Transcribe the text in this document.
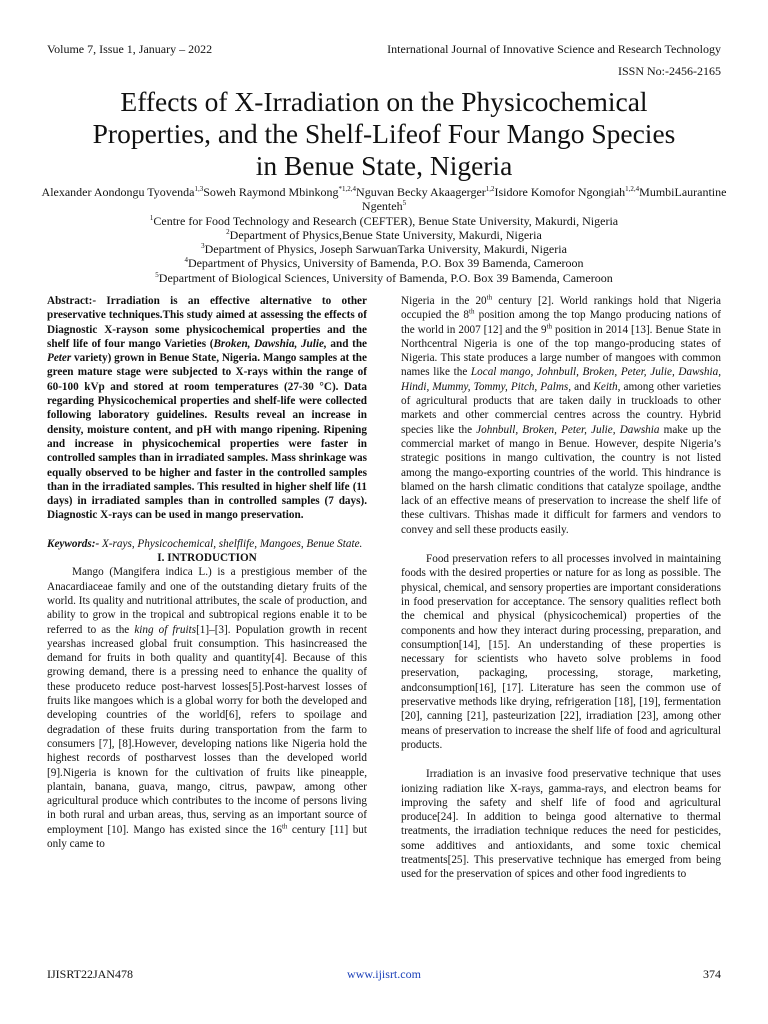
Volume 7, Issue 1, January – 2022	International Journal of Innovative Science and Research Technology
ISSN No:-2456-2165
Effects of X-Irradiation on the Physicochemical
Properties, and the Shelf-Lifeof Four Mango Species
in Benue State, Nigeria
Alexander Aondongu Tyovenda$^{1,3}$Soweh Raymond Mbinkong$^{*1,2,4}$Nguvan Becky Akaagerger$^{1,2}$Isidore Komofor Ngongiah$^{1,2,4}$MumbiLaurantine Ngenteh$^5$
$^1$Centre for Food Technology and Research (CEFTER), Benue State University, Makurdi, Nigeria
$^2$Department of Physics,Benue State University, Makurdi, Nigeria
$^3$Department of Physics, Joseph SarwuanTarka University, Makurdi, Nigeria
$^4$Department of Physics, University of Bamenda, P.O. Box 39 Bamenda, Cameroon
$^5$Department of Biological Sciences, University of Bamenda, P.O. Box 39 Bamenda, Cameroon

Abstract:- Irradiation is an effective alternative to other preservative techniques.This study aimed at assessing the effects of Diagnostic X-rayson some physicochemical properties and the shelf life of four mango Varieties (Broken, Dawshia, Julie, and the Peter variety) grown in Benue State, Nigeria. Mango samples at the green mature stage were subjected to X-rays within the range of 60-100 kVp and stored at room temperatures (27-30 °C). Data regarding Physicochemical properties and shelf-life were collected following laboratory guidelines. Results reveal an increase in density, moisture content, and pH with mango ripening. Ripening and increase in physicochemical properties were faster in controlled samples than in irradiated samples. Mass shrinkage was equally observed to be higher and faster in the controlled samples than in the irradiated samples. This resulted in higher shelf life (11 days) in irradiated samples than in controlled samples (7 days). Diagnostic X-rays can be used in mango preservation.

Keywords:- X-rays, Physicochemical, shelflife, Mangoes, Benue State.

I. INTRODUCTION

Mango (Mangifera indica L.) is a prestigious member of the Anacardiaceae family and one of the outstanding dietary fruits of the world. Its quality and nutritional attributes, the scale of production, and ability to grow in the tropical and subtropical regions enable it to be referred to as the king of fruits[1]–[3]. Population growth in recent yearshas increased global fruit consumption. This hasincreased the demand for fruits in both quality and quantity[4]. Because of this growing demand, there is a pressing need to enhance the quality of these produceto reduce post-harvest losses[5].Post-harvest losses of fruits like mangoes which is a global worry for both the developed and developing countries of the world[6], refers to spoilage and degradation of these fruits during transportation from the farm to consumers [7], [8].However, developing nations like Nigeria hold the highest records of postharvest losses than the developed world [9].Nigeria is known for the cultivation of fruits like pineapple, plantain, banana, guava, mango, citrus, pawpaw, among other agricultural produce which contributes to the income of persons living in both rural and urban areas, thus, serving as an important source of employment [10]. Mango has existed since the 16th century [11] but only came to

Nigeria in the 20th century [2]. World rankings hold that Nigeria occupied the 8th position among the top Mango producing nations of the world in 2007 [12] and the 9th position in 2014 [13]. Benue State in Northcentral Nigeria is one of the top mango-producing states of Nigeria. This state produces a large number of mangoes with common names like the Local mango, Johnbull, Broken, Peter, Julie, Dawshia, Hindi, Mummy, Tommy, Pitch, Palms, and Keith, among other varieties of agricultural products that are taken daily in truckloads to other markets and other commercial centres across the country. Hybrid species like the Johnbull, Broken, Peter, Julie, Dawshia make up the commercial market of mango in Benue. However, despite Nigeria’s strategic positions in mango cultivation, the country is not listed among the mango-exporting countries of the world. This hindrance is blamed on the harsh climatic conditions that catalyze spoilage, andthe lack of an effective means of preservation to increase the shelf life of these cultivars. Thishas made it difficult for farmers and vendors to convey and sell these products easily.

Food preservation refers to all processes involved in maintaining foods with the desired properties or nature for as long as possible. The physical, chemical, and sensory properties are important considerations in food preservation for acceptance. The sensory qualities reflect both the chemical and physical (physicochemical) properties of the components and how they interact during processing, preparation, and consumption[14], [15]. An understanding of these properties is necessary for scientists who haveto solve problems in food preservation, packaging, processing, storage, marketing, andconsumption[16], [17]. Literature has seen the common use of preservative methods like drying, refrigeration [18], [19], fermentation [20], canning [21], pasteurization [22], irradiation [23], among other means of preservation to increase the shelf life of food and agricultural products.

Irradiation is an invasive food preservative technique that uses ionizing radiation like X-rays, gamma-rays, and electron beams for improving the safety and shelf life of food and agricultural produce[24]. In addition to beinga good alternative to thermal treatments, the irradiation technique reduces the need for pesticides, some additives and antioxidants, and some toxic chemical treatments[25]. This preservative technique has emerged from being used for the preservation of spices and other food ingredients to

IJISRT22JAN478	www.ijisrt.com	374
